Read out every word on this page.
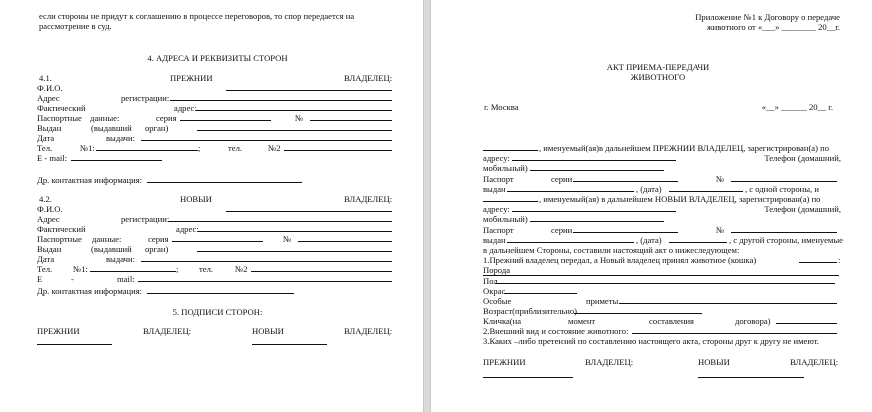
если стороны не придут к соглашению в процессе переговоров, то спор передается на
рассмотрение в суд.
4. АДРЕСА И РЕКВИЗИТЫ СТОРОН
4.1.	ПРЕЖНИИ	ВЛАДЕЛЕЦ:
Ф.И.О.
Адрес	регистрации:
Фактический	адрес:
Паспортные данные:	серия	№
Выдан	(выдавший орган)
Дата	выдачи:
Тел.	№1:	;	тел.	№2
E - mail:
Др. контактная информация:
4.2.	НОВЫИ	ВЛАДЕЛЕЦ:
Ф.И.О.
Адрес	регистрации:
Фактический	адрес:
Паспортные данные:	серия	№
Выдан	(выдавший орган)
Дата	выдачи:
Тел. №1:	; тел.	№2
E	-	mail:
Др. контактная информация:
5. ПОДПИСИ СТОРОН:
ПРЕЖНИИ	ВЛАДЕЛЕЦ:	НОВЫИ	ВЛАДЕЛЕЦ:
Приложение №1 к Договору о передаче
животного от «___» ________ 20__г.
АКТ ПРИЕМА-ПЕРЕДАЧИ
ЖИВОТНОГО
г. Москва	«__» ______ 20__ г.
, именуемый(ая)в дальнейшем ПРЕЖНИИ ВЛАДЕЛЕЦ, зарегистрирован(а) по
адресу:	Телефон (домашний,
мобильный)
Паспорт	серии	№
выдан	, (дата)	, с одной стороны, и
, именуемый(ая) в дальнейшем НОВЫИ ВЛАДЕЛЕЦ, зарегистрирован(а) по
адресу:	Телефон (домашний,
мобильный)
Паспорт	серии	№
выдан	, (дата)	, с другой стороны, именуемые
в дальнейшем Стороны, составили настоящий акт о нижеследующем:
1.Прежний владелец передал, а Новый владелец принял животное (кошка)	:
Порода
Пол
Окрас
Особые	приметы
Возраст(приблизительно)
Кличка(на	момент	составления	договора)
2.Внешний вид и состояние животного:
3.Каких –либо претензий по составлению настоящего акта, стороны друг к другу не имеют.
ПРЕЖНИИ	ВЛАДЕЛЕЦ:	НОВЫИ	ВЛАДЕЛЕЦ:
